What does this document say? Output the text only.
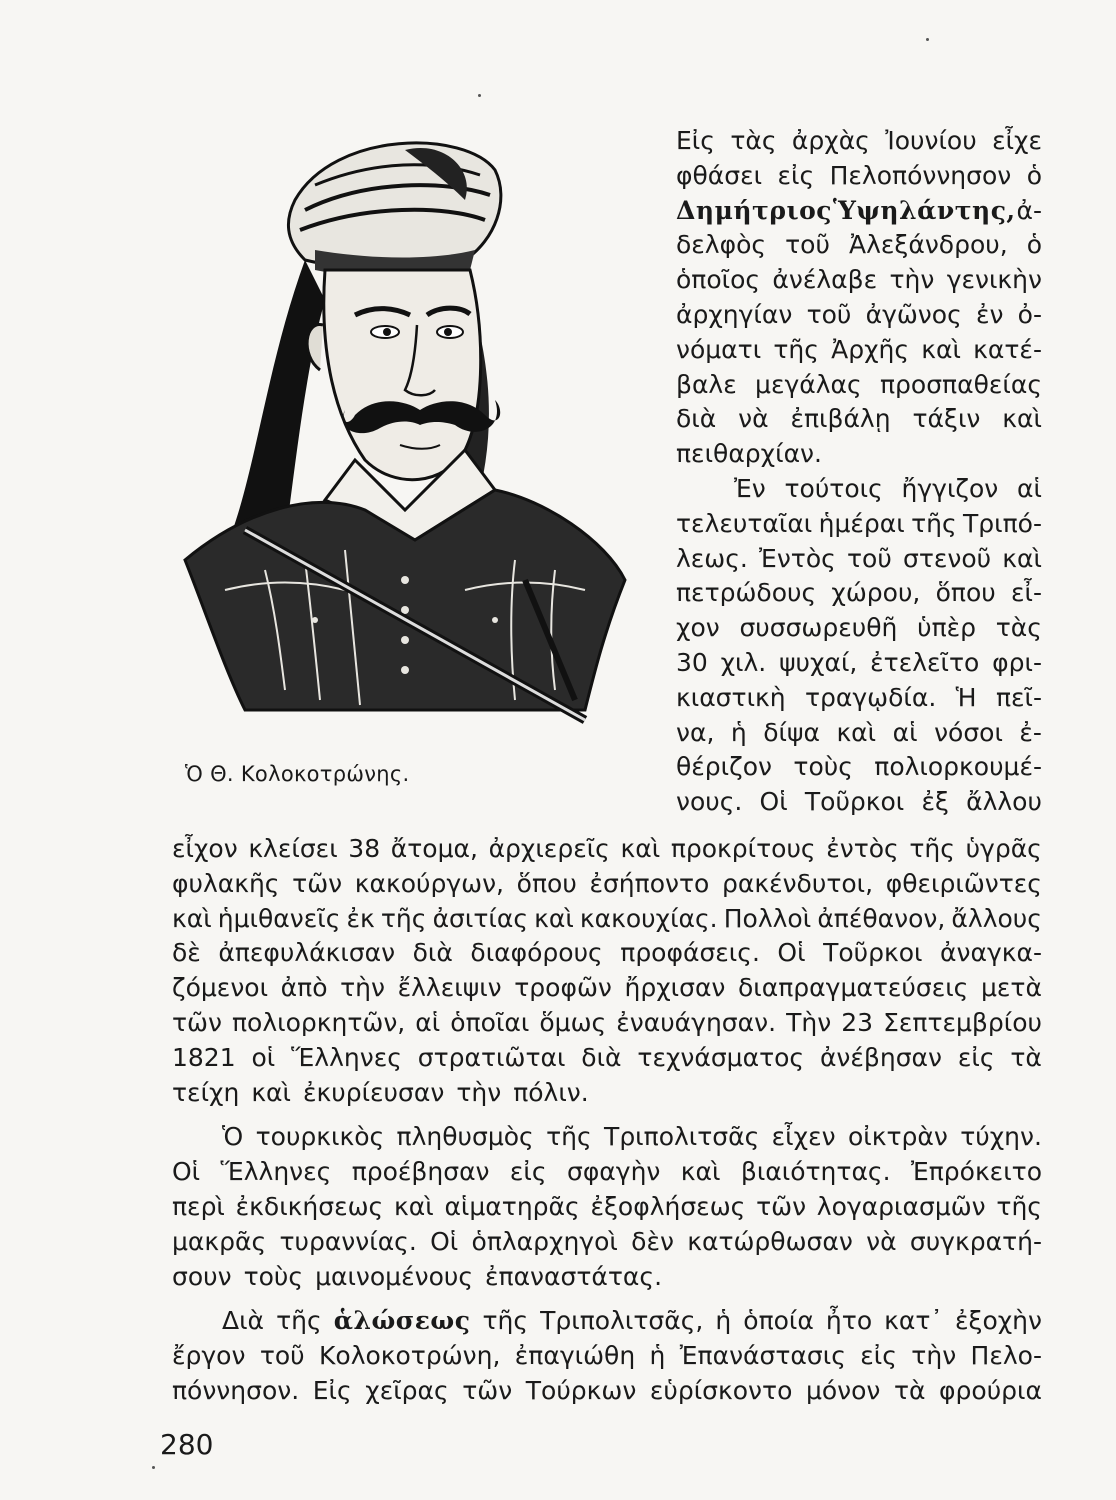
Ὁ Θ. Κολοκοτρώνης.
Εἰς τὰς ἀρχὰς Ἰουνίου εἶχε
φθάσει εἰς Πελοπόννησον ὁ
Δημήτριος Ὑψηλάντης, ἀ-
δελφὸς τοῦ Ἀλεξάνδρου, ὁ
ὁποῖος ἀνέλαβε τὴν γενικὴν
ἀρχηγίαν τοῦ ἀγῶνος ἐν ὀ-
νόματι τῆς Ἀρχῆς καὶ κατέ-
βαλε μεγάλας προσπαθείας
διὰ νὰ ἐπιβάλῃ τάξιν καὶ
πειθαρχίαν.
Ἐν τούτοις ἤγγιζον αἱ
τελευταῖαι ἡμέραι τῆς Τριπό-
λεως. Ἐντὸς τοῦ στενοῦ καὶ
πετρώδους χώρου, ὅπου εἶ-
χον συσσωρευθῆ ὑπὲρ τὰς
30 χιλ. ψυχαί, ἐτελεῖτο φρι-
κιαστικὴ τραγῳδία. Ἡ πεῖ-
να, ἡ δίψα καὶ αἱ νόσοι ἐ-
θέριζον τοὺς πολιορκουμέ-
νους. Οἱ Τοῦρκοι ἐξ ἄλλου
εἶχον κλείσει 38 ἄτομα, ἀρχιερεῖς καὶ προκρίτους ἐντὸς τῆς ὑγρᾶς
φυλακῆς τῶν κακούργων, ὅπου ἐσήποντο ρακένδυτοι, φθειριῶντες
καὶ ἡμιθανεῖς ἐκ τῆς ἀσιτίας καὶ κακουχίας. Πολλοὶ ἀπέθανον, ἄλλους
δὲ ἀπεφυλάκισαν διὰ διαφόρους προφάσεις. Οἱ Τοῦρκοι ἀναγκα-
ζόμενοι ἀπὸ τὴν ἔλλειψιν τροφῶν ἤρχισαν διαπραγματεύσεις μετὰ
τῶν πολιορκητῶν, αἱ ὁποῖαι ὅμως ἐναυάγησαν. Τὴν 23 Σεπτεμβρίου
1821 οἱ Ἕλληνες στρατιῶται διὰ τεχνάσματος ἀνέβησαν εἰς τὰ
τείχη καὶ ἐκυρίευσαν τὴν πόλιν.
Ὁ τουρκικὸς πληθυσμὸς τῆς Τριπολιτσᾶς εἶχεν οἰκτρὰν τύχην.
Οἱ Ἕλληνες προέβησαν εἰς σφαγὴν καὶ βιαιότητας. Ἐπρόκειτο
περὶ ἐκδικήσεως καὶ αἱματηρᾶς ἐξοφλήσεως τῶν λογαριασμῶν τῆς
μακρᾶς τυραννίας. Οἱ ὁπλαρχηγοὶ δὲν κατώρθωσαν νὰ συγκρατή-
σουν τοὺς μαινομένους ἐπαναστάτας.
Διὰ τῆς ἁλώσεως τῆς Τριπολιτσᾶς, ἡ ὁποία ἦτο κατ᾽ ἐξοχὴν
ἔργον τοῦ Κολοκοτρώνη, ἐπαγιώθη ἡ Ἐπανάστασις εἰς τὴν Πελο-
πόννησον. Εἰς χεῖρας τῶν Τούρκων εὑρίσκοντο μόνον τὰ φρούρια
280
